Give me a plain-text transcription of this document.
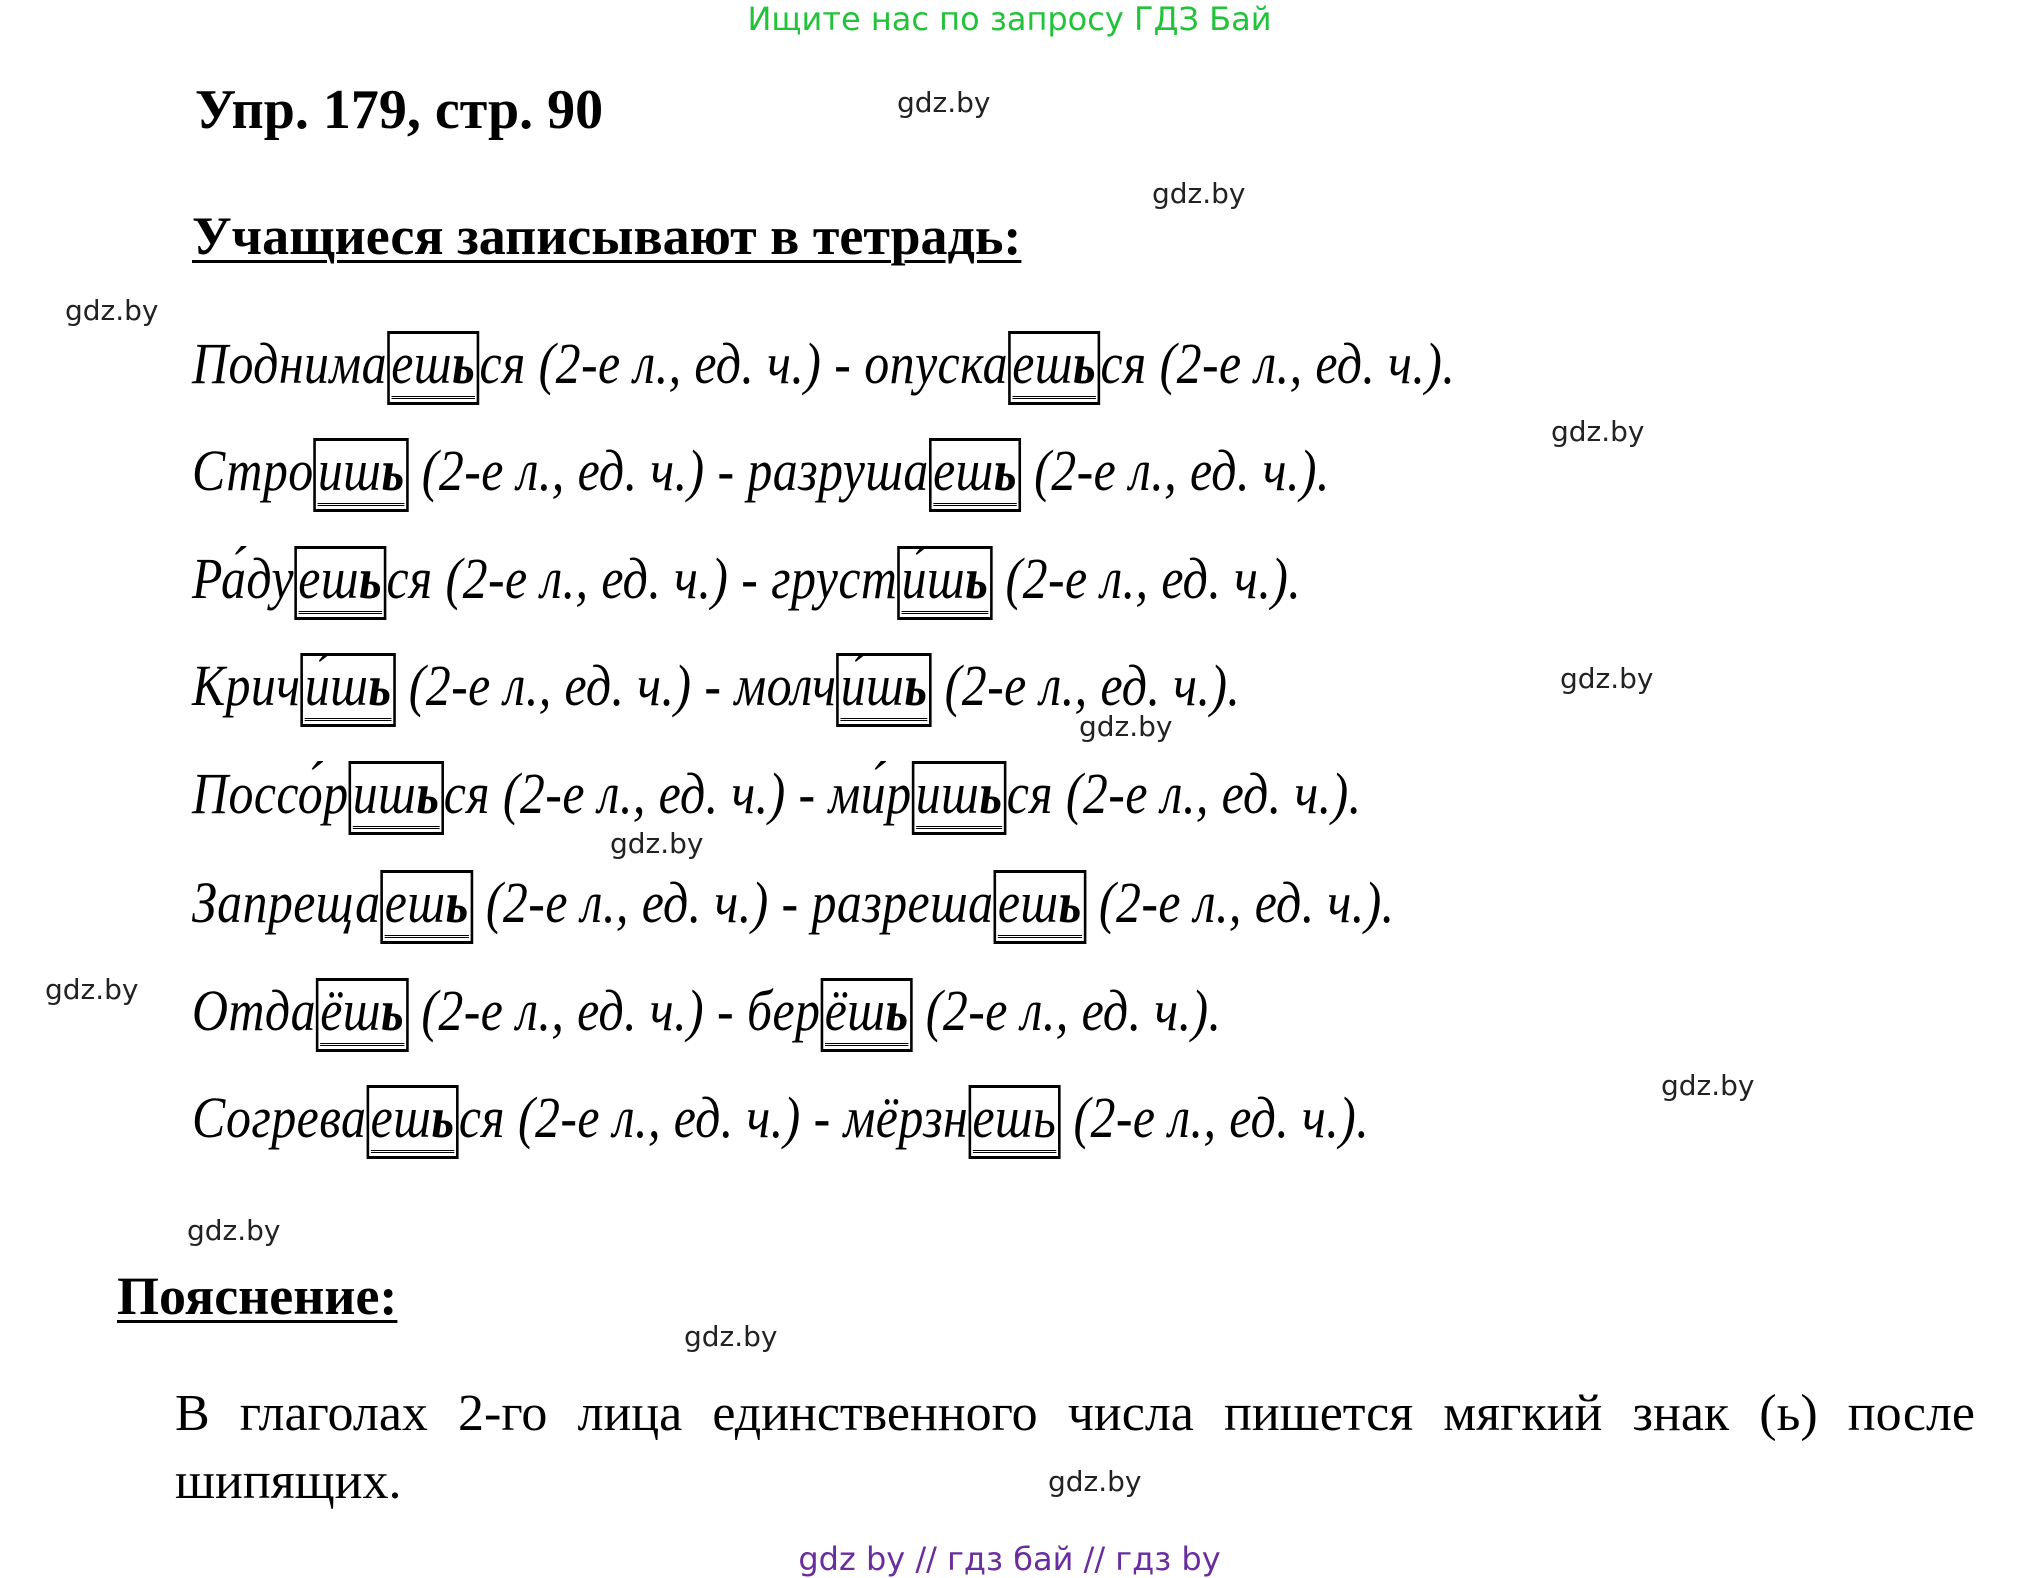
Ищите нас по запросу ГДЗ Бай
Упр. 179, стр. 90
Учащиеся записывают в тетрадь:
Поднимаешься (2-е л., ед. ч.) - опускаешься (2-е л., ед. ч.).
Строишь (2-е л., ед. ч.) - разрушаешь (2-е л., ед. ч.).
Ра́дуешься (2-е л., ед. ч.) - грусти́шь (2-е л., ед. ч.).
Кричи́шь (2-е л., ед. ч.) - молчи́шь (2-е л., ед. ч.).
Поссо́ришься (2-е л., ед. ч.) - ми́ришься (2-е л., ед. ч.).
Запрещаешь (2-е л., ед. ч.) - разрешаешь (2-е л., ед. ч.).
Отдаёшь (2-е л., ед. ч.) - берёшь (2-е л., ед. ч.).
Согреваешься (2-е л., ед. ч.) - мёрзнешь (2-е л., ед. ч.).
Пояснение:
В глаголах 2-го лица единственного числа пишется мягкий знак (ь) после шипящих.
gdz.by
gdz.by
gdz.by
gdz.by
gdz.by
gdz.by
gdz.by
gdz.by
gdz.by
gdz.by
gdz.by
gdz.by
gdz by // гдз бай // гдз by
